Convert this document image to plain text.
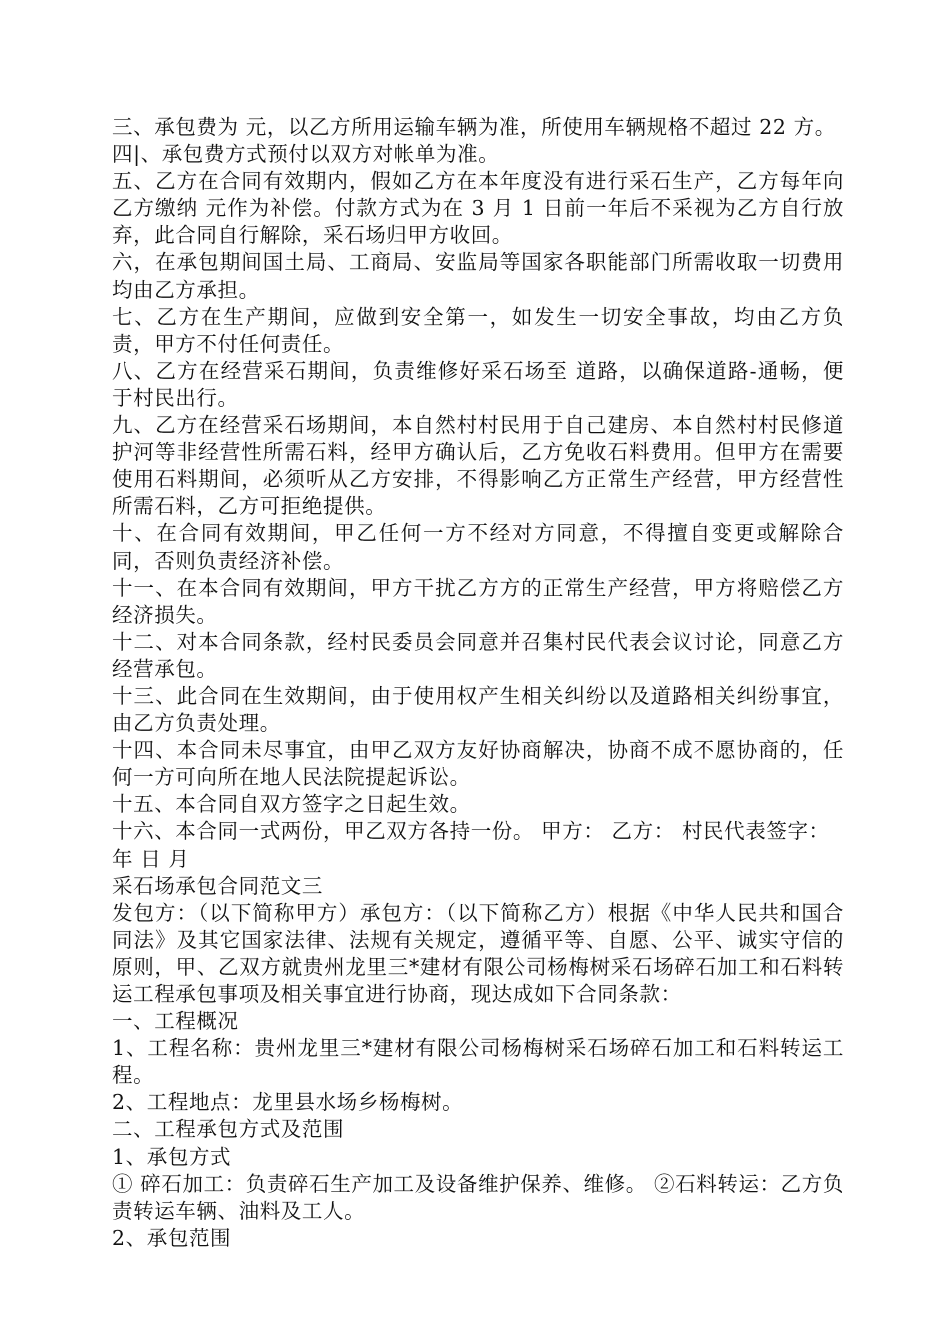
三、承包费为 元，以乙方所用运输车辆为准，所使用车辆规格不超过 22 方。

四|、承包费方式预付以双方对帐单为准。

五、乙方在合同有效期内，假如乙方在本年度没有进行采石生产，乙方每年向乙方缴纳 元作为补偿。付款方式为在 3 月 1 日前一年后不采视为乙方自行放弃，此合同自行解除，采石场归甲方收回。

六，在承包期间国土局、工商局、安监局等国家各职能部门所需收取一切费用均由乙方承担。

七、乙方在生产期间，应做到安全第一，如发生一切安全事故，均由乙方负责，甲方不付任何责任。

八、乙方在经营采石期间，负责维修好采石场至 道路，以确保道路-通畅，便于村民出行。

九、乙方在经营采石场期间，本自然村村民用于自己建房、本自然村村民修道护河等非经营性所需石料，经甲方确认后，乙方免收石料费用。但甲方在需要使用石料期间，必须听从乙方安排，不得影响乙方正常生产经营，甲方经营性所需石料，乙方可拒绝提供。

十、在合同有效期间，甲乙任何一方不经对方同意，不得擅自变更或解除合同，否则负责经济补偿。

十一、在本合同有效期间，甲方干扰乙方方的正常生产经营，甲方将赔偿乙方经济损失。

十二、对本合同条款，经村民委员会同意并召集村民代表会议讨论，同意乙方经营承包。

十三、此合同在生效期间，由于使用权产生相关纠纷以及道路相关纠纷事宜，由乙方负责处理。

十四、本合同未尽事宜，由甲乙双方友好协商解决，协商不成不愿协商的，任何一方可向所在地人民法院提起诉讼。

十五、本合同自双方签字之日起生效。

十六、本合同一式两份，甲乙双方各持一份。 甲方： 乙方： 村民代表签字：

年 日 月

采石场承包合同范文三

发包方：（以下简称甲方）承包方：（以下简称乙方）根据《中华人民共和国合同法》及其它国家法律、法规有关规定，遵循平等、自愿、公平、诚实守信的原则，甲、乙双方就贵州龙里三*建材有限公司杨梅树采石场碎石加工和石料转运工程承包事项及相关事宜进行协商，现达成如下合同条款：

一、工程概况

1、工程名称：贵州龙里三*建材有限公司杨梅树采石场碎石加工和石料转运工程。

2、工程地点：龙里县水场乡杨梅树。

二、工程承包方式及范围

1、承包方式

① 碎石加工：负责碎石生产加工及设备维护保养、维修。 ②石料转运：乙方负责转运车辆、油料及工人。

2、承包范围
